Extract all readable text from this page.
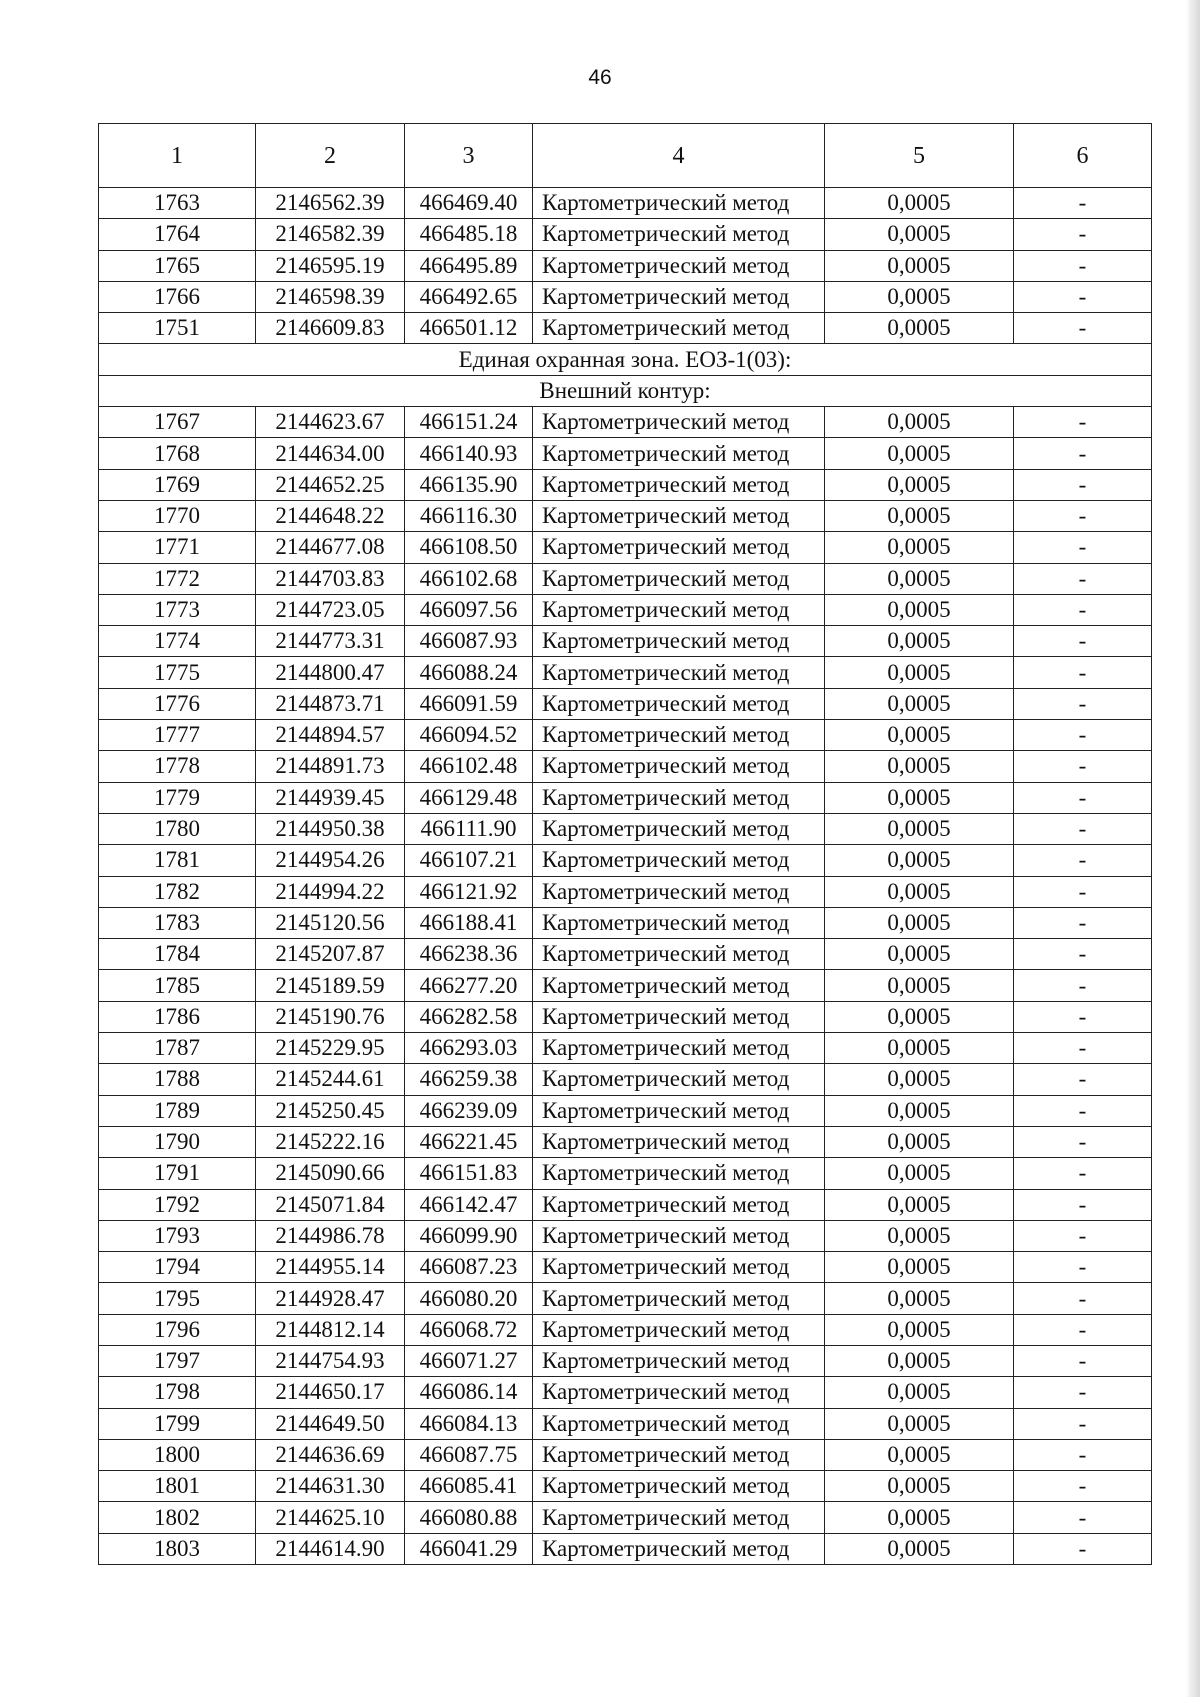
46
1	2	3	4	5	6
1763	2146562.39	466469.40	Картометрический метод	0,0005	-
1764	2146582.39	466485.18	Картометрический метод	0,0005	-
1765	2146595.19	466495.89	Картометрический метод	0,0005	-
1766	2146598.39	466492.65	Картометрический метод	0,0005	-
1751	2146609.83	466501.12	Картометрический метод	0,0005	-
Единая охранная зона. ЕОЗ-1(03):					
Внешний контур:					
1767	2144623.67	466151.24	Картометрический метод	0,0005	-
1768	2144634.00	466140.93	Картометрический метод	0,0005	-
1769	2144652.25	466135.90	Картометрический метод	0,0005	-
1770	2144648.22	466116.30	Картометрический метод	0,0005	-
1771	2144677.08	466108.50	Картометрический метод	0,0005	-
1772	2144703.83	466102.68	Картометрический метод	0,0005	-
1773	2144723.05	466097.56	Картометрический метод	0,0005	-
1774	2144773.31	466087.93	Картометрический метод	0,0005	-
1775	2144800.47	466088.24	Картометрический метод	0,0005	-
1776	2144873.71	466091.59	Картометрический метод	0,0005	-
1777	2144894.57	466094.52	Картометрический метод	0,0005	-
1778	2144891.73	466102.48	Картометрический метод	0,0005	-
1779	2144939.45	466129.48	Картометрический метод	0,0005	-
1780	2144950.38	466111.90	Картометрический метод	0,0005	-
1781	2144954.26	466107.21	Картометрический метод	0,0005	-
1782	2144994.22	466121.92	Картометрический метод	0,0005	-
1783	2145120.56	466188.41	Картометрический метод	0,0005	-
1784	2145207.87	466238.36	Картометрический метод	0,0005	-
1785	2145189.59	466277.20	Картометрический метод	0,0005	-
1786	2145190.76	466282.58	Картометрический метод	0,0005	-
1787	2145229.95	466293.03	Картометрический метод	0,0005	-
1788	2145244.61	466259.38	Картометрический метод	0,0005	-
1789	2145250.45	466239.09	Картометрический метод	0,0005	-
1790	2145222.16	466221.45	Картометрический метод	0,0005	-
1791	2145090.66	466151.83	Картометрический метод	0,0005	-
1792	2145071.84	466142.47	Картометрический метод	0,0005	-
1793	2144986.78	466099.90	Картометрический метод	0,0005	-
1794	2144955.14	466087.23	Картометрический метод	0,0005	-
1795	2144928.47	466080.20	Картометрический метод	0,0005	-
1796	2144812.14	466068.72	Картометрический метод	0,0005	-
1797	2144754.93	466071.27	Картометрический метод	0,0005	-
1798	2144650.17	466086.14	Картометрический метод	0,0005	-
1799	2144649.50	466084.13	Картометрический метод	0,0005	-
1800	2144636.69	466087.75	Картометрический метод	0,0005	-
1801	2144631.30	466085.41	Картометрический метод	0,0005	-
1802	2144625.10	466080.88	Картометрический метод	0,0005	-
1803	2144614.90	466041.29	Картометрический метод	0,0005	-
